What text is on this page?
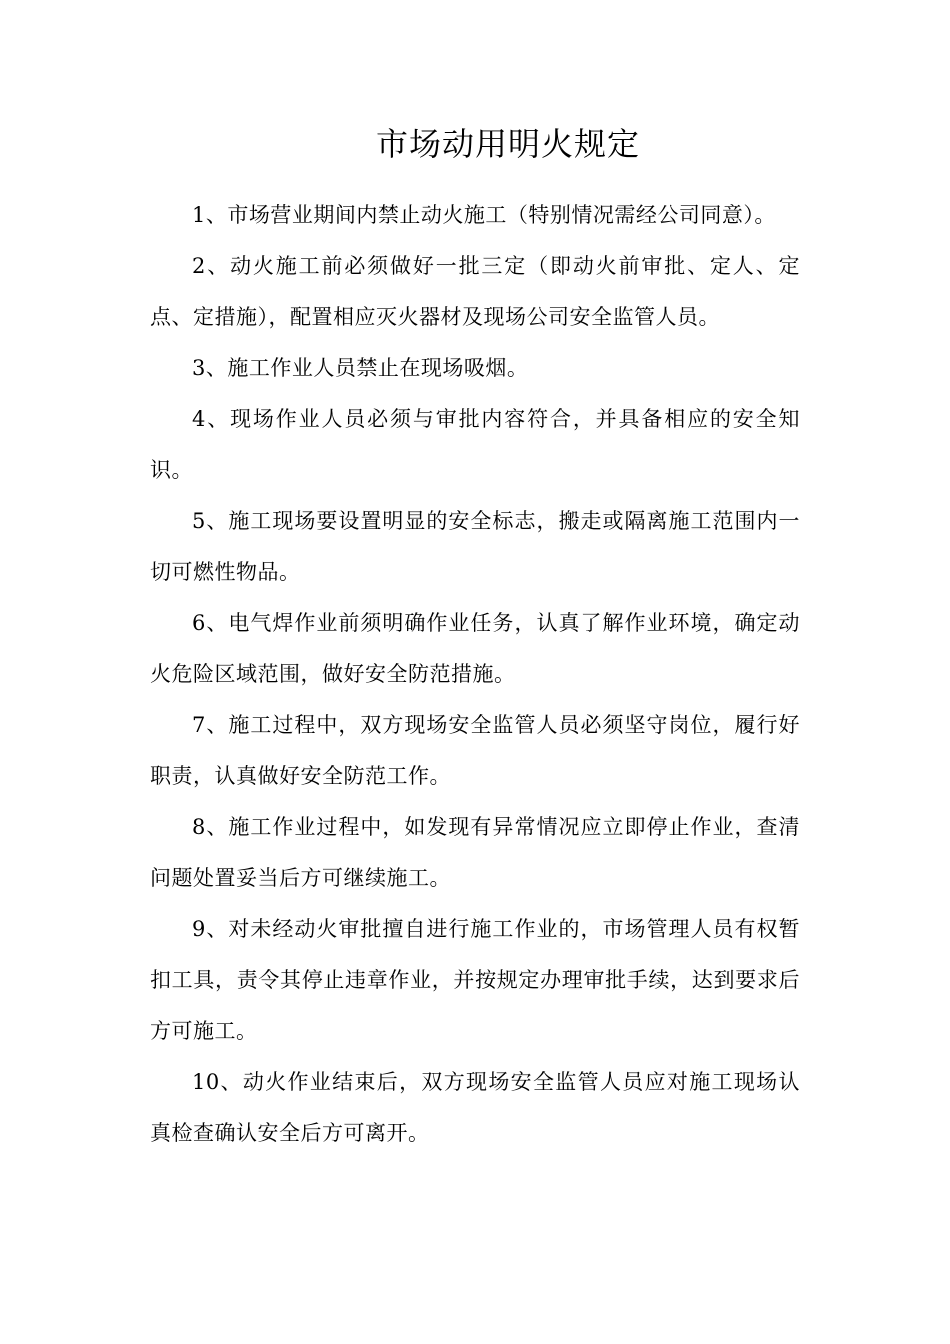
市场动用明火规定

1、市场营业期间内禁止动火施工（特别情况需经公司同意）。

2、动火施工前必须做好一批三定（即动火前审批、定人、定点、定措施），配置相应灭火器材及现场公司安全监管人员。

3、施工作业人员禁止在现场吸烟。

4、现场作业人员必须与审批内容符合，并具备相应的安全知识。

5、施工现场要设置明显的安全标志，搬走或隔离施工范围内一切可燃性物品。

6、电气焊作业前须明确作业任务，认真了解作业环境，确定动火危险区域范围，做好安全防范措施。

7、施工过程中，双方现场安全监管人员必须坚守岗位，履行好职责，认真做好安全防范工作。

8、施工作业过程中，如发现有异常情况应立即停止作业，查清问题处置妥当后方可继续施工。

9、对未经动火审批擅自进行施工作业的，市场管理人员有权暂扣工具，责令其停止违章作业，并按规定办理审批手续，达到要求后方可施工。

10、动火作业结束后，双方现场安全监管人员应对施工现场认真检查确认安全后方可离开。
